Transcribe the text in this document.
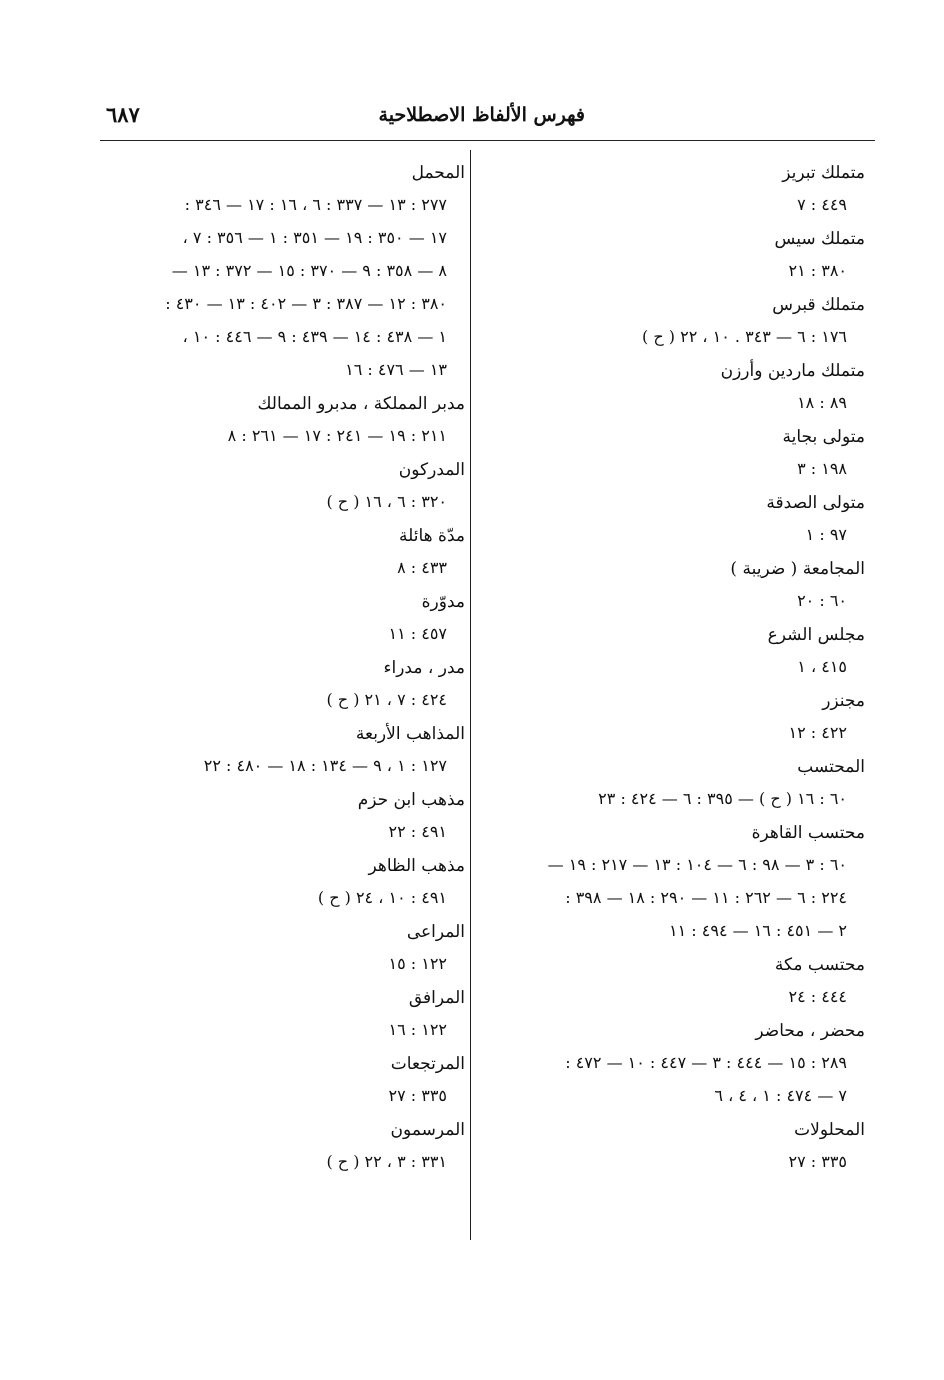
فهرس الألفاظ الاصطلاحية
٦٨٧
متملك تبريز
٤٤٩ : ٧
متملك سيس
٣٨٠ : ٢١
متملك قبرس
١٧٦ : ٦ — ٣٤٣ . ١٠ ، ٢٢ ( ح )
متملك ماردين وأرزن
٨٩ : ١٨
متولى بجاية
١٩٨ : ٣
متولى الصدقة
٩٧ : ١
المجامعة ( ضريبة )
٦٠ : ٢٠
مجلس الشرع
٤١٥ ، ١
مجنزر
٤٢٢ : ١٢
المحتسب
٦٠ : ١٦ ( ح ) — ٣٩٥ : ٦ — ٤٢٤ : ٢٣
محتسب القاهرة
٦٠ : ٣ — ٩٨ : ٦ — ١٠٤ : ١٣ — ٢١٧ : ١٩ —
٢٢٤ : ٦ — ٢٦٢ : ١١ — ٢٩٠ : ١٨ — ٣٩٨ :
٢ — ٤٥١ : ١٦ — ٤٩٤ : ١١
محتسب مكة
٤٤٤ : ٢٤
محضر ، محاضر
٢٨٩ : ١٥ — ٤٤٤ : ٣ — ٤٤٧ : ١٠ — ٤٧٢ :
٧ — ٤٧٤ : ١ ، ٤ ، ٦
المحلولات
٣٣٥ : ٢٧
المحمل
٢٧٧ : ١٣ — ٣٣٧ : ٦ ، ١٦ : ١٧ — ٣٤٦ :
١٧ — ٣٥٠ : ١٩ — ٣٥١ : ١ — ٣٥٦ : ٧ ،
٨ — ٣٥٨ : ٩ — ٣٧٠ : ١٥ — ٣٧٢ : ١٣ —
٣٨٠ : ١٢ — ٣٨٧ : ٣ — ٤٠٢ : ١٣ — ٤٣٠ :
١ — ٤٣٨ : ١٤ — ٤٣٩ : ٩ — ٤٤٦ : ١٠ ،
١٣ — ٤٧٦ : ١٦
مدبر المملكة ، مدبرو الممالك
٢١١ : ١٩ — ٢٤١ : ١٧ — ٢٦١ : ٨
المدركون
٣٢٠ : ٦ ، ١٦ ( ح )
مدّة هائلة
٤٣٣ : ٨
مدوّرة
٤٥٧ : ١١
مدر ، مدراء
٤٢٤ : ٧ ، ٢١ ( ح )
المذاهب الأربعة
١٢٧ : ١ ، ٩ — ١٣٤ : ١٨ — ٤٨٠ : ٢٢
مذهب ابن حزم
٤٩١ : ٢٢
مذهب الظاهر
٤٩١ : ١٠ ، ٢٤ ( ح )
المراعى
١٢٢ : ١٥
المرافق
١٢٢ : ١٦
المرتجعات
٣٣٥ : ٢٧
المرسمون
٣٣١ : ٣ ، ٢٢ ( ح )
